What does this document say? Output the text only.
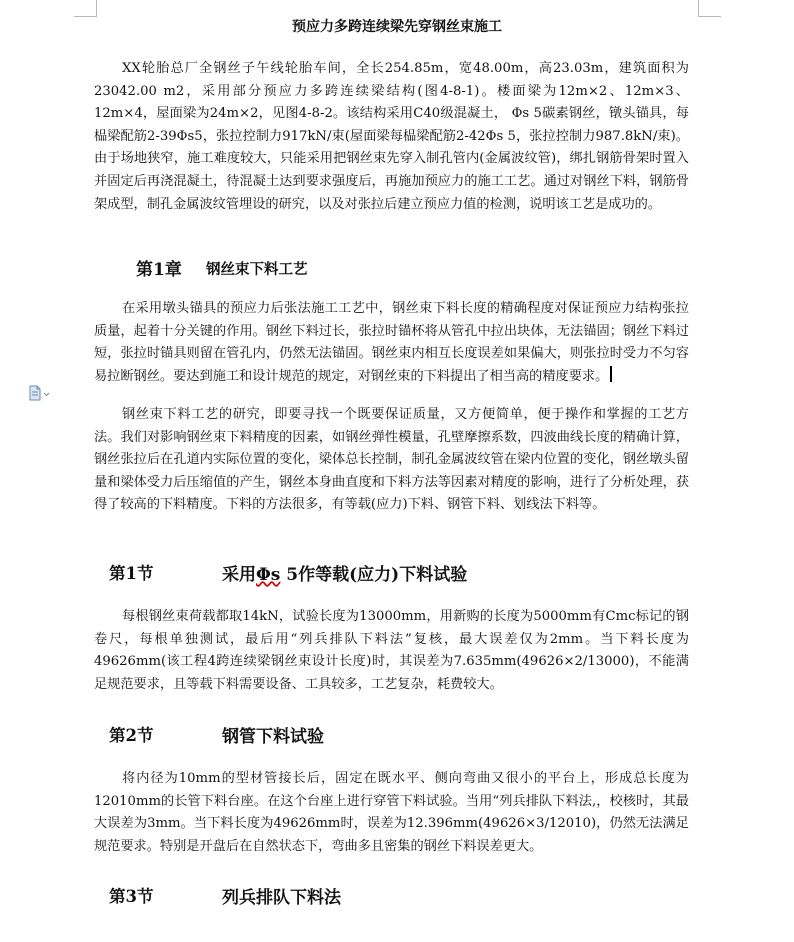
预应力多跨连续梁先穿钢丝束施工

XX轮胎总厂全钢丝子午线轮胎车间，全长254.85m，宽48.00m，高23.03m，建筑面积为23042.00 m2，采用部分预应力多跨连续梁结构(图4-8-1)。楼面梁为12m×2、12m×3、12m×4，屋面梁为24m×2，见图4-8-2。该结构采用C40级混凝土， Φs 5碳素钢丝，镦头锚具，每榀梁配筋2-39Φs5，张拉控制力917kN/束(屋面梁每榀梁配筋2-42Φs 5，张拉控制力987.8kN/束)。由于场地狭窄，施工难度较大，只能采用把钢丝束先穿入制孔管内(金属波纹管)，绑扎钢筋骨架时置入并固定后再浇混凝土，待混凝土达到要求强度后，再施加预应力的施工工艺。通过对钢丝下料，钢筋骨架成型，制孔金属波纹管埋设的研究，以及对张拉后建立预应力值的检测，说明该工艺是成功的。

第1章 钢丝束下料工艺

在采用墩头锚具的预应力后张法施工工艺中，钢丝束下料长度的精确程度对保证预应力结构张拉质量，起着十分关键的作用。钢丝下料过长，张拉时锚杯将从管孔中拉出块体，无法锚固；钢丝下料过短，张拉时锚具则留在管孔内，仍然无法锚固。钢丝束内相互长度误差如果偏大，则张拉时受力不匀容易拉断钢丝。要达到施工和设计规范的规定，对钢丝束的下料提出了相当高的精度要求。

钢丝束下料工艺的研究，即要寻找一个既要保证质量，又方便简单，便于操作和掌握的工艺方法。我们对影响钢丝束下料精度的因素，如钢丝弹性模量，孔壁摩擦系数，四波曲线长度的精确计算，钢丝张拉后在孔道内实际位置的变化，梁体总长控制，制孔金属波纹管在梁内位置的变化，钢丝墩头留量和梁体受力后压缩值的产生，钢丝本身曲直度和下料方法等因素对精度的影响，进行了分析处理，获得了较高的下料精度。下料的方法很多，有等载(应力)下料、钢管下料、划线法下料等。

第1节	采用Φs 5作等载(应力)下料试验

每根钢丝束荷载都取14kN，试验长度为13000mm，用新购的长度为5000mm有Cmc标记的钢卷尺，每根单独测试，最后用“列兵排队下料法”复核，最大误差仅为2mm。当下料长度为49626mm(该工程4跨连续梁钢丝束设计长度)时，其误差为7.635mm(49626×2/13000)，不能满足规范要求，且等载下料需要设备、工具较多，工艺复杂，耗费较大。

第2节	钢管下料试验

将内径为10mm的型材管接长后，固定在既水平、侧向弯曲又很小的平台上，形成总长度为12010mm的长管下料台座。在这个台座上进行穿管下料试验。当用“列兵排队下料法,，校核时，其最大误差为3mm。当下料长度为49626mm时，误差为12.396mm(49626×3/12010)，仍然无法满足规范要求。特别是开盘后在自然状态下，弯曲多且密集的钢丝下料误差更大。

第3节	列兵排队下料法
